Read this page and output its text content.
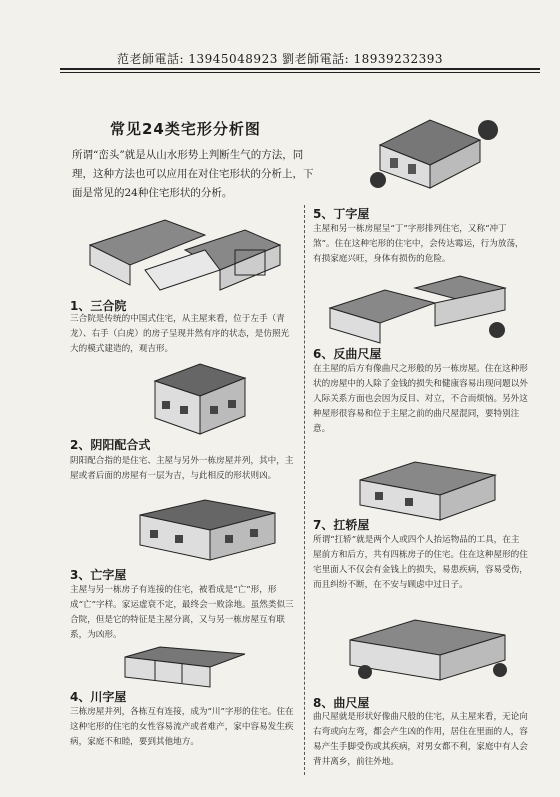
范老師電話: 13945048923 劉老師電話: 18939232393
常见24类宅形分析图
所谓“峦头”就是从山水形势上判断生气的方法，同理，这种方法也可以应用在对住宅形状的分析上，下面是常见的24种住宅形状的分析。
1、三合院
三合院是传统的中国式住宅，从主屋来看，位于左手（青龙）、右手（白虎）的房子呈现井然有序的状态，是仿照光大的模式建造的，观吉形。
2、阴阳配合式
阴阳配合指的是住宅、主屋与另外一栋房屋并列，其中，主屋或者后面的房屋有一层为吉，与此相反的形状则凶。
3、亡字屋
主屋与另一栋房子有连接的住宅，被看成是“亡”形，形成“亡”字样。家运虚衰不定，最终会一败涂地。虽然类似三合院，但是它的特征是主屋分离，又与另一栋房屋互有联系，为凶形。
4、川字屋
三栋房屋并列，各栋互有连接，成为“川”字形的住宅。住在这种宅形的住宅的女性容易流产或者难产，家中容易发生疾病，家庭不和睦，要到其他地方。
5、丁字屋
主屋和另一栋房屋呈“丁”字形排列住宅，又称“冲丁煞”。住在这种宅形的住宅中，会传达霉运，行为放荡，有损家庭兴旺，身体有损伤的危险。
6、反曲尺屋
在主屋的后方有像曲尺之形般的另一栋房屋。住在这种形状的房屋中的人除了金钱的损失和健康容易出现问题以外人际关系方面也会因为反目、对立，不合而烦恼。另外这种屋形很容易和位于主屋之前的曲尺屋混同，要特别注意。
7、扛轿屋
所谓“扛轿”就是两个人或四个人抬运物品的工具，在主屋前方和后方，共有四栋房子的住宅。住在这种屋形的住宅里面人不仅会有金钱上的损失，易患疾病，容易受伤，而且纠纷不断，在不安与顾虑中过日子。
8、曲尺屋
曲尺屋就是形状好像曲尺般的住宅，从主屋来看，无论向右弯或向左弯，都会产生凶的作用，居住在里面的人，容易产生手脚受伤或其疾病，对男女都不利，家庭中有人会背井离乡，前往外地。
